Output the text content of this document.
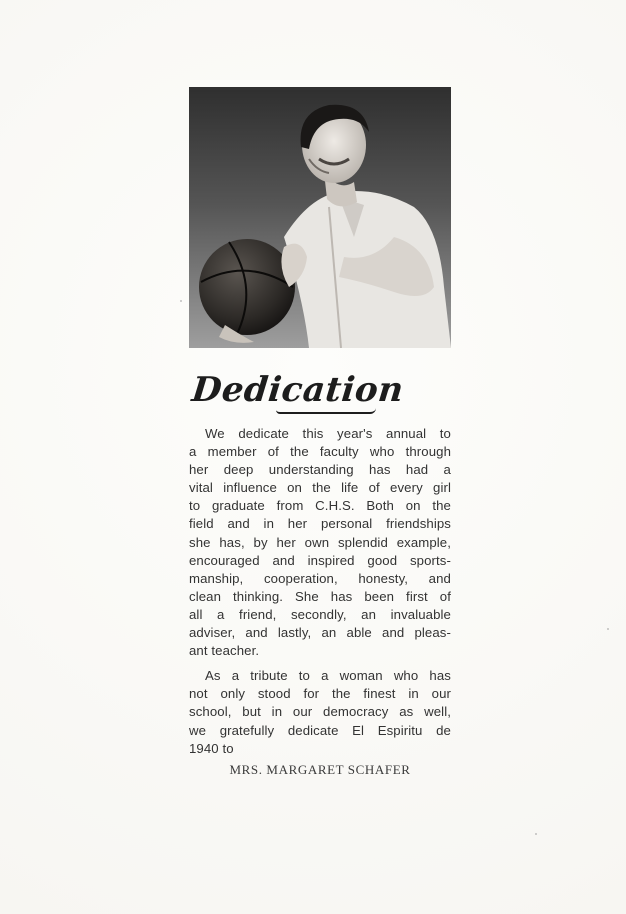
Dedication
We dedicate this year's annual to
a member of the faculty who through
her deep understanding has had a
vital influence on the life of every girl
to graduate from C.H.S. Both on the
field and in her personal friendships
she has, by her own splendid example,
encouraged and inspired good sports-
manship, cooperation, honesty, and
clean thinking. She has been first of
all a friend, secondly, an invaluable
adviser, and lastly, an able and pleas-
ant teacher.
As a tribute to a woman who has
not only stood for the finest in our
school, but in our democracy as well,
we gratefully dedicate El Espiritu de
1940 to
MRS. MARGARET SCHAFER
